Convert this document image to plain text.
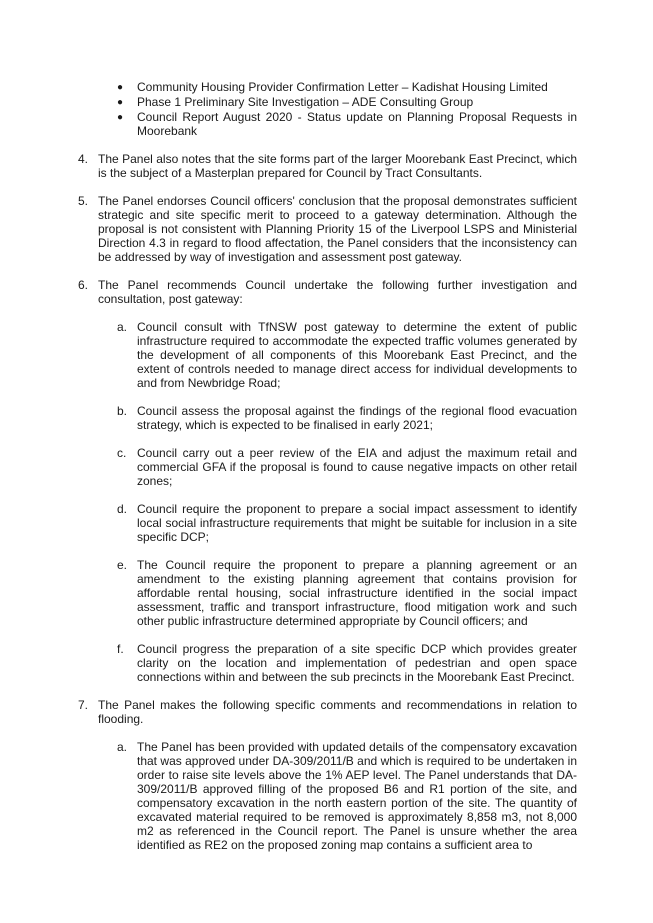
● Community Housing Provider Confirmation Letter – Kadishat Housing Limited

● Phase 1 Preliminary Site Investigation – ADE Consulting Group

● Council Report August 2020 - Status update on Planning Proposal Requests in Moorebank

4. The Panel also notes that the site forms part of the larger Moorebank East Precinct, which is the subject of a Masterplan prepared for Council by Tract Consultants.

5. The Panel endorses Council officers' conclusion that the proposal demonstrates sufficient strategic and site specific merit to proceed to a gateway determination. Although the proposal is not consistent with Planning Priority 15 of the Liverpool LSPS and Ministerial Direction 4.3 in regard to flood affectation, the Panel considers that the inconsistency can be addressed by way of investigation and assessment post gateway.

6. The Panel recommends Council undertake the following further investigation and consultation, post gateway:

a. Council consult with TfNSW post gateway to determine the extent of public infrastructure required to accommodate the expected traffic volumes generated by the development of all components of this Moorebank East Precinct, and the extent of controls needed to manage direct access for individual developments to and from Newbridge Road;

b. Council assess the proposal against the findings of the regional flood evacuation strategy, which is expected to be finalised in early 2021;

c. Council carry out a peer review of the EIA and adjust the maximum retail and commercial GFA if the proposal is found to cause negative impacts on other retail zones;

d. Council require the proponent to prepare a social impact assessment to identify local social infrastructure requirements that might be suitable for inclusion in a site specific DCP;

e. The Council require the proponent to prepare a planning agreement or an amendment to the existing planning agreement that contains provision for affordable rental housing, social infrastructure identified in the social impact assessment, traffic and transport infrastructure, flood mitigation work and such other public infrastructure determined appropriate by Council officers; and

f. Council progress the preparation of a site specific DCP which provides greater clarity on the location and implementation of pedestrian and open space connections within and between the sub precincts in the Moorebank East Precinct.

7. The Panel makes the following specific comments and recommendations in relation to flooding.

a. The Panel has been provided with updated details of the compensatory excavation that was approved under DA-309/2011/B and which is required to be undertaken in order to raise site levels above the 1% AEP level. The Panel understands that DA-309/2011/B approved filling of the proposed B6 and R1 portion of the site, and compensatory excavation in the north eastern portion of the site. The quantity of excavated material required to be removed is approximately 8,858 m3, not 8,000 m2 as referenced in the Council report. The Panel is unsure whether the area identified as RE2 on the proposed zoning map contains a sufficient area to
